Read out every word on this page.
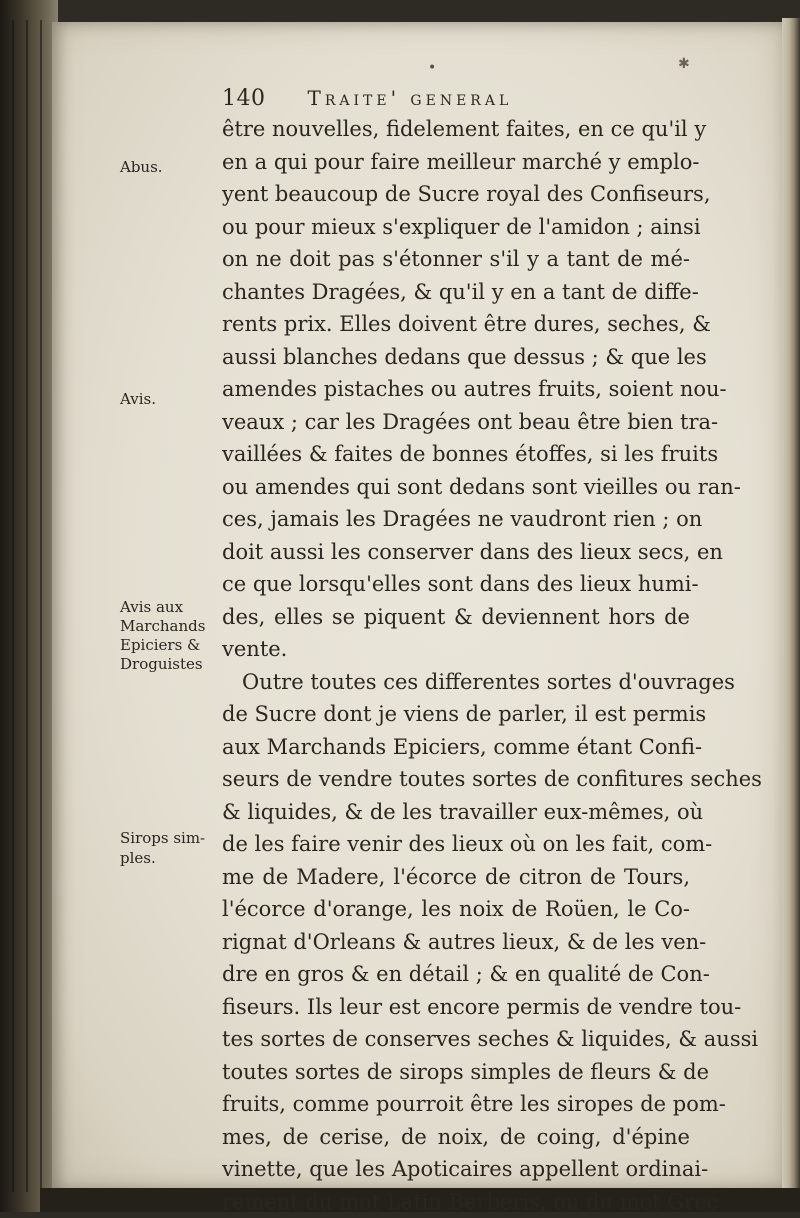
✱
•
140 Traite' general
être nouvelles, fidelement faites, en ce qu'il y
en a qui pour faire meilleur marché y emplo-
yent beaucoup de Sucre royal des Confiseurs,
ou pour mieux s'expliquer de l'amidon ; ainsi
on ne doit pas s'étonner s'il y a tant de mé-
chantes Dragées, & qu'il y en a tant de diffe-
rents prix. Elles doivent être dures, seches, &
aussi blanches dedans que dessus ; & que les
amendes pistaches ou autres fruits, soient nou-
veaux ; car les Dragées ont beau être bien tra-
vaillées & faites de bonnes étoffes, si les fruits
ou amendes qui sont dedans sont vieilles ou ran-
ces, jamais les Dragées ne vaudront rien ; on
doit aussi les conserver dans des lieux secs, en
ce que lorsqu'elles sont dans des lieux humi-
des, elles se piquent & deviennent hors de
vente.
Outre toutes ces differentes sortes d'ouvrages
de Sucre dont je viens de parler, il est permis
aux Marchands Epiciers, comme étant Confi-
seurs de vendre toutes sortes de confitures seches
& liquides, & de les travailler eux-mêmes, où
de les faire venir des lieux où on les fait, com-
me de Madere, l'écorce de citron de Tours,
l'écorce d'orange, les noix de Roüen, le Co-
rignat d'Orleans & autres lieux, & de les ven-
dre en gros & en détail ; & en qualité de Con-
fiseurs. Ils leur est encore permis de vendre tou-
tes sortes de conserves seches & liquides, & aussi
toutes sortes de sirops simples de fleurs & de
fruits, comme pourroit être les siropes de pom-
mes, de cerise, de noix, de coing, d'épine
vinette, que les Apoticaires appellent ordinai-
rement du mot Latin Berberis, ou du mot Grec
Abus.
Avis.
Avis aux
Marchands
Epiciers &
Droguistes
Sirops sim-
ples.
